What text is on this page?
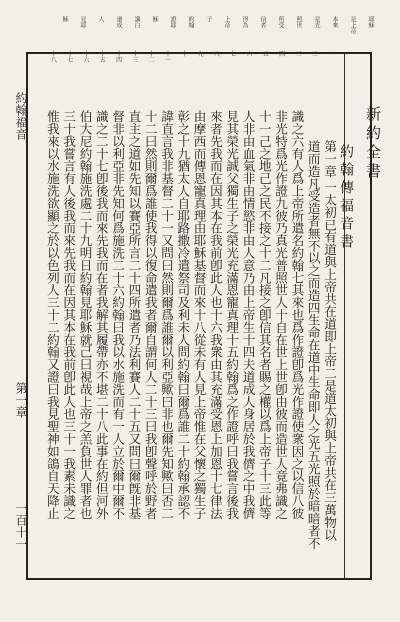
耶穌
是上帝
本來
是光
照世
所受
信者
得為
上帝
子
約翰
證耶
穌
講白
道成
人
見耶
穌
新約全書
約翰傳福音書
第一章 一太初已有道與上帝共在道即上帝二是道太初與上帝共在三萬物以
道而造凡受造者無不以之而造四生命在道中生命即人之光五光照於暗暗者不
識之六有人爲上帝所遣名約翰七其來也爲作證卽爲光作證使衆因之以信八彼
非光特爲光作證九彼乃真光普照世人十自在世上世卽由彼而造世人竟弗識之
十一己之地己之民不接之十二凡接之卽信其名者賜之權以爲上帝子十三此等
人非由血氣非由情慾非由人意乃由上帝生十四夫道成人身居於我儕之中我儕
見其榮光誠父獨生子之榮光充滿恩寵真理十五約翰爲之作證呼曰我嘗言後我
來者先我而在因其本在我前卽此人也十六我衆由其充滿受恩上加恩十七律法
由摩西而傳恩寵真理由耶穌基督而來十八從未有人見上帝惟在父懷之獨生子
彰之十九猶太人自耶路撒冷遣祭司及利未人問約翰曰爾爲誰二十約翰承認不
諱直言我非基督二十一又問曰然則爾爲誰爾以利亞歟曰非也爾先知歟曰否二
十二曰然則爾爲誰使我得以復命遣我者爾自謂何人二十三曰我卽聲呼於野者
直主之道如先知以賽亞所言二十四所遣者乃法利賽人二十五又問曰爾旣非基
督非以利亞非先知何爲施洗二十六約翰曰我以水施洗而有一人立於爾中爾不
識之二十七卽後我而來先我而在者我解其履帶亦不堪二十八此事在約但河外
伯大尼約翰施洗處二十九明日約翰見耶穌就己曰視哉上帝之羔負世人罪者也
三十我嘗言有人後我而來先我而在因其本在我前卽此人也三十一我素未識之
惟我來以水施洗欲顯之於以色列人三十二約翰又證曰我見聖神如鴿自天降止
約翰福音
第一章
一百十一
一
二
三
四
五
六
七
八
九
十
十一
十二
十三
十四
十五
十六
十七
十八
